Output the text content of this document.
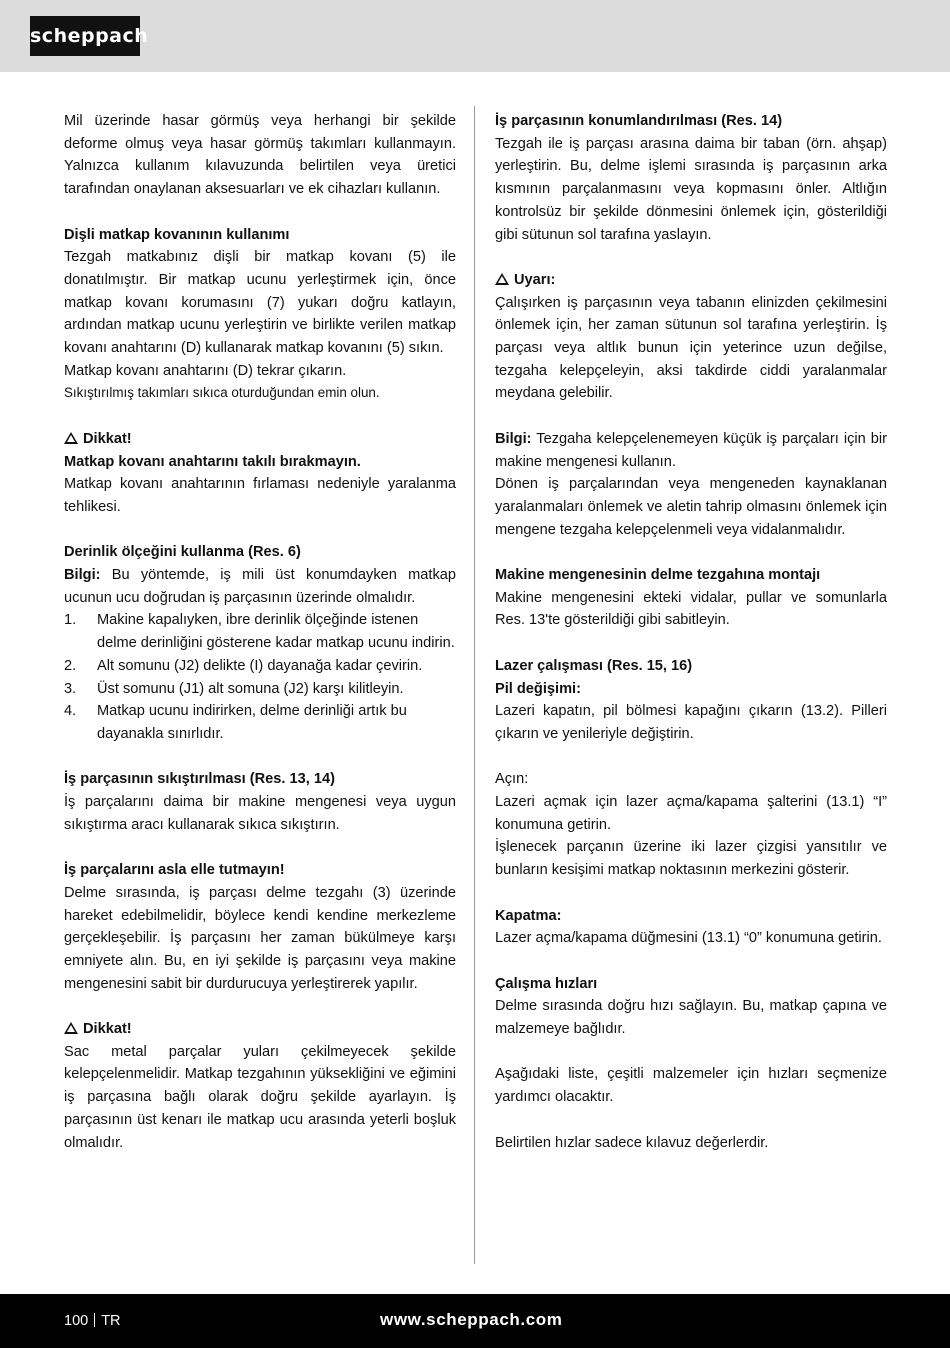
scheppach

Mil üzerinde hasar görmüş veya herhangi bir şekilde deforme olmuş veya hasar görmüş takımları kullanmayın. Yalnızca kullanım kılavuzunda belirtilen veya üretici tarafından onaylanan aksesuarları ve ek cihazları kullanın.

Dişli matkap kovanının kullanımı

Tezgah matkabınız dişli bir matkap kovanı (5) ile donatılmıştır. Bir matkap ucunu yerleştirmek için, önce matkap kovanı korumasını (7) yukarı doğru katlayın, ardından matkap ucunu yerleştirin ve birlikte verilen matkap kovanı anahtarını (D) kullanarak matkap kovanını (5) sıkın.

Matkap kovanı anahtarını (D) tekrar çıkarın.

Sıkıştırılmış takımları sıkıca oturduğundan emin olun.

Dikkat!

Matkap kovanı anahtarını takılı bırakmayın.

Matkap kovanı anahtarının fırlaması nedeniyle yaralanma tehlikesi.

Derinlik ölçeğini kullanma (Res. 6)

Bilgi: Bu yöntemde, iş mili üst konumdayken matkap ucunun ucu doğrudan iş parçasının üzerinde olmalıdır.

1. Makine kapalıyken, ibre derinlik ölçeğinde istenen delme derinliğini gösterene kadar matkap ucunu indirin.
2. Alt somunu (J2) delikte (I) dayanağa kadar çevirin.
3. Üst somunu (J1) alt somuna (J2) karşı kilitleyin.
4. Matkap ucunu indirirken, delme derinliği artık bu dayanakla sınırlıdır.

İş parçasının sıkıştırılması (Res. 13, 14)

İş parçalarını daima bir makine mengenesi veya uygun sıkıştırma aracı kullanarak sıkıca sıkıştırın.

İş parçalarını asla elle tutmayın!

Delme sırasında, iş parçası delme tezgahı (3) üzerinde hareket edebilmelidir, böylece kendi kendine merkezleme gerçekleşebilir. İş parçasını her zaman bükülmeye karşı emniyete alın. Bu, en iyi şekilde iş parçasını veya makine mengenesini sabit bir durdurucuya yerleştirerek yapılır.

Dikkat!

Sac metal parçalar yuları çekilmeyecek şekilde kelepçelenmelidir. Matkap tezgahının yüksekliğini ve eğimini iş parçasına bağlı olarak doğru şekilde ayarlayın. İş parçasının üst kenarı ile matkap ucu arasında yeterli boşluk olmalıdır.

İş parçasının konumlandırılması (Res. 14)

Tezgah ile iş parçası arasına daima bir taban (örn. ahşap) yerleştirin. Bu, delme işlemi sırasında iş parçasının arka kısmının parçalanmasını veya kopmasını önler. Altlığın kontrolsüz bir şekilde dönmesini önlemek için, gösterildiği gibi sütunun sol tarafına yaslayın.

Uyarı:

Çalışırken iş parçasının veya tabanın elinizden çekilmesini önlemek için, her zaman sütunun sol tarafına yerleştirin. İş parçası veya altlık bunun için yeterince uzun değilse, tezgaha kelepçeleyin, aksi takdirde ciddi yaralanmalar meydana gelebilir.

Bilgi: Tezgaha kelepçelenemeyen küçük iş parçaları için bir makine mengenesi kullanın.

Dönen iş parçalarından veya mengeneden kaynaklanan yaralanmaları önlemek ve aletin tahrip olmasını önlemek için mengene tezgaha kelepçelenmeli veya vidalanmalıdır.

Makine mengenesinin delme tezgahına montajı

Makine mengenesini ekteki vidalar, pullar ve somunlarla Res. 13'te gösterildiği gibi sabitleyin.

Lazer çalışması (Res. 15, 16)

Pil değişimi:

Lazeri kapatın, pil bölmesi kapağını çıkarın (13.2). Pilleri çıkarın ve yenileriyle değiştirin.

Açın:

Lazeri açmak için lazer açma/kapama şalterini (13.1) “I” konumuna getirin.

İşlenecek parçanın üzerine iki lazer çizgisi yansıtılır ve bunların kesişimi matkap noktasının merkezini gösterir.

Kapatma:

Lazer açma/kapama düğmesini (13.1) “0” konumuna getirin.

Çalışma hızları

Delme sırasında doğru hızı sağlayın. Bu, matkap çapına ve malzemeye bağlıdır.

Aşağıdaki liste, çeşitli malzemeler için hızları seçmenize yardımcı olacaktır.

Belirtilen hızlar sadece kılavuz değerlerdir.

100 TR	www.scheppach.com
